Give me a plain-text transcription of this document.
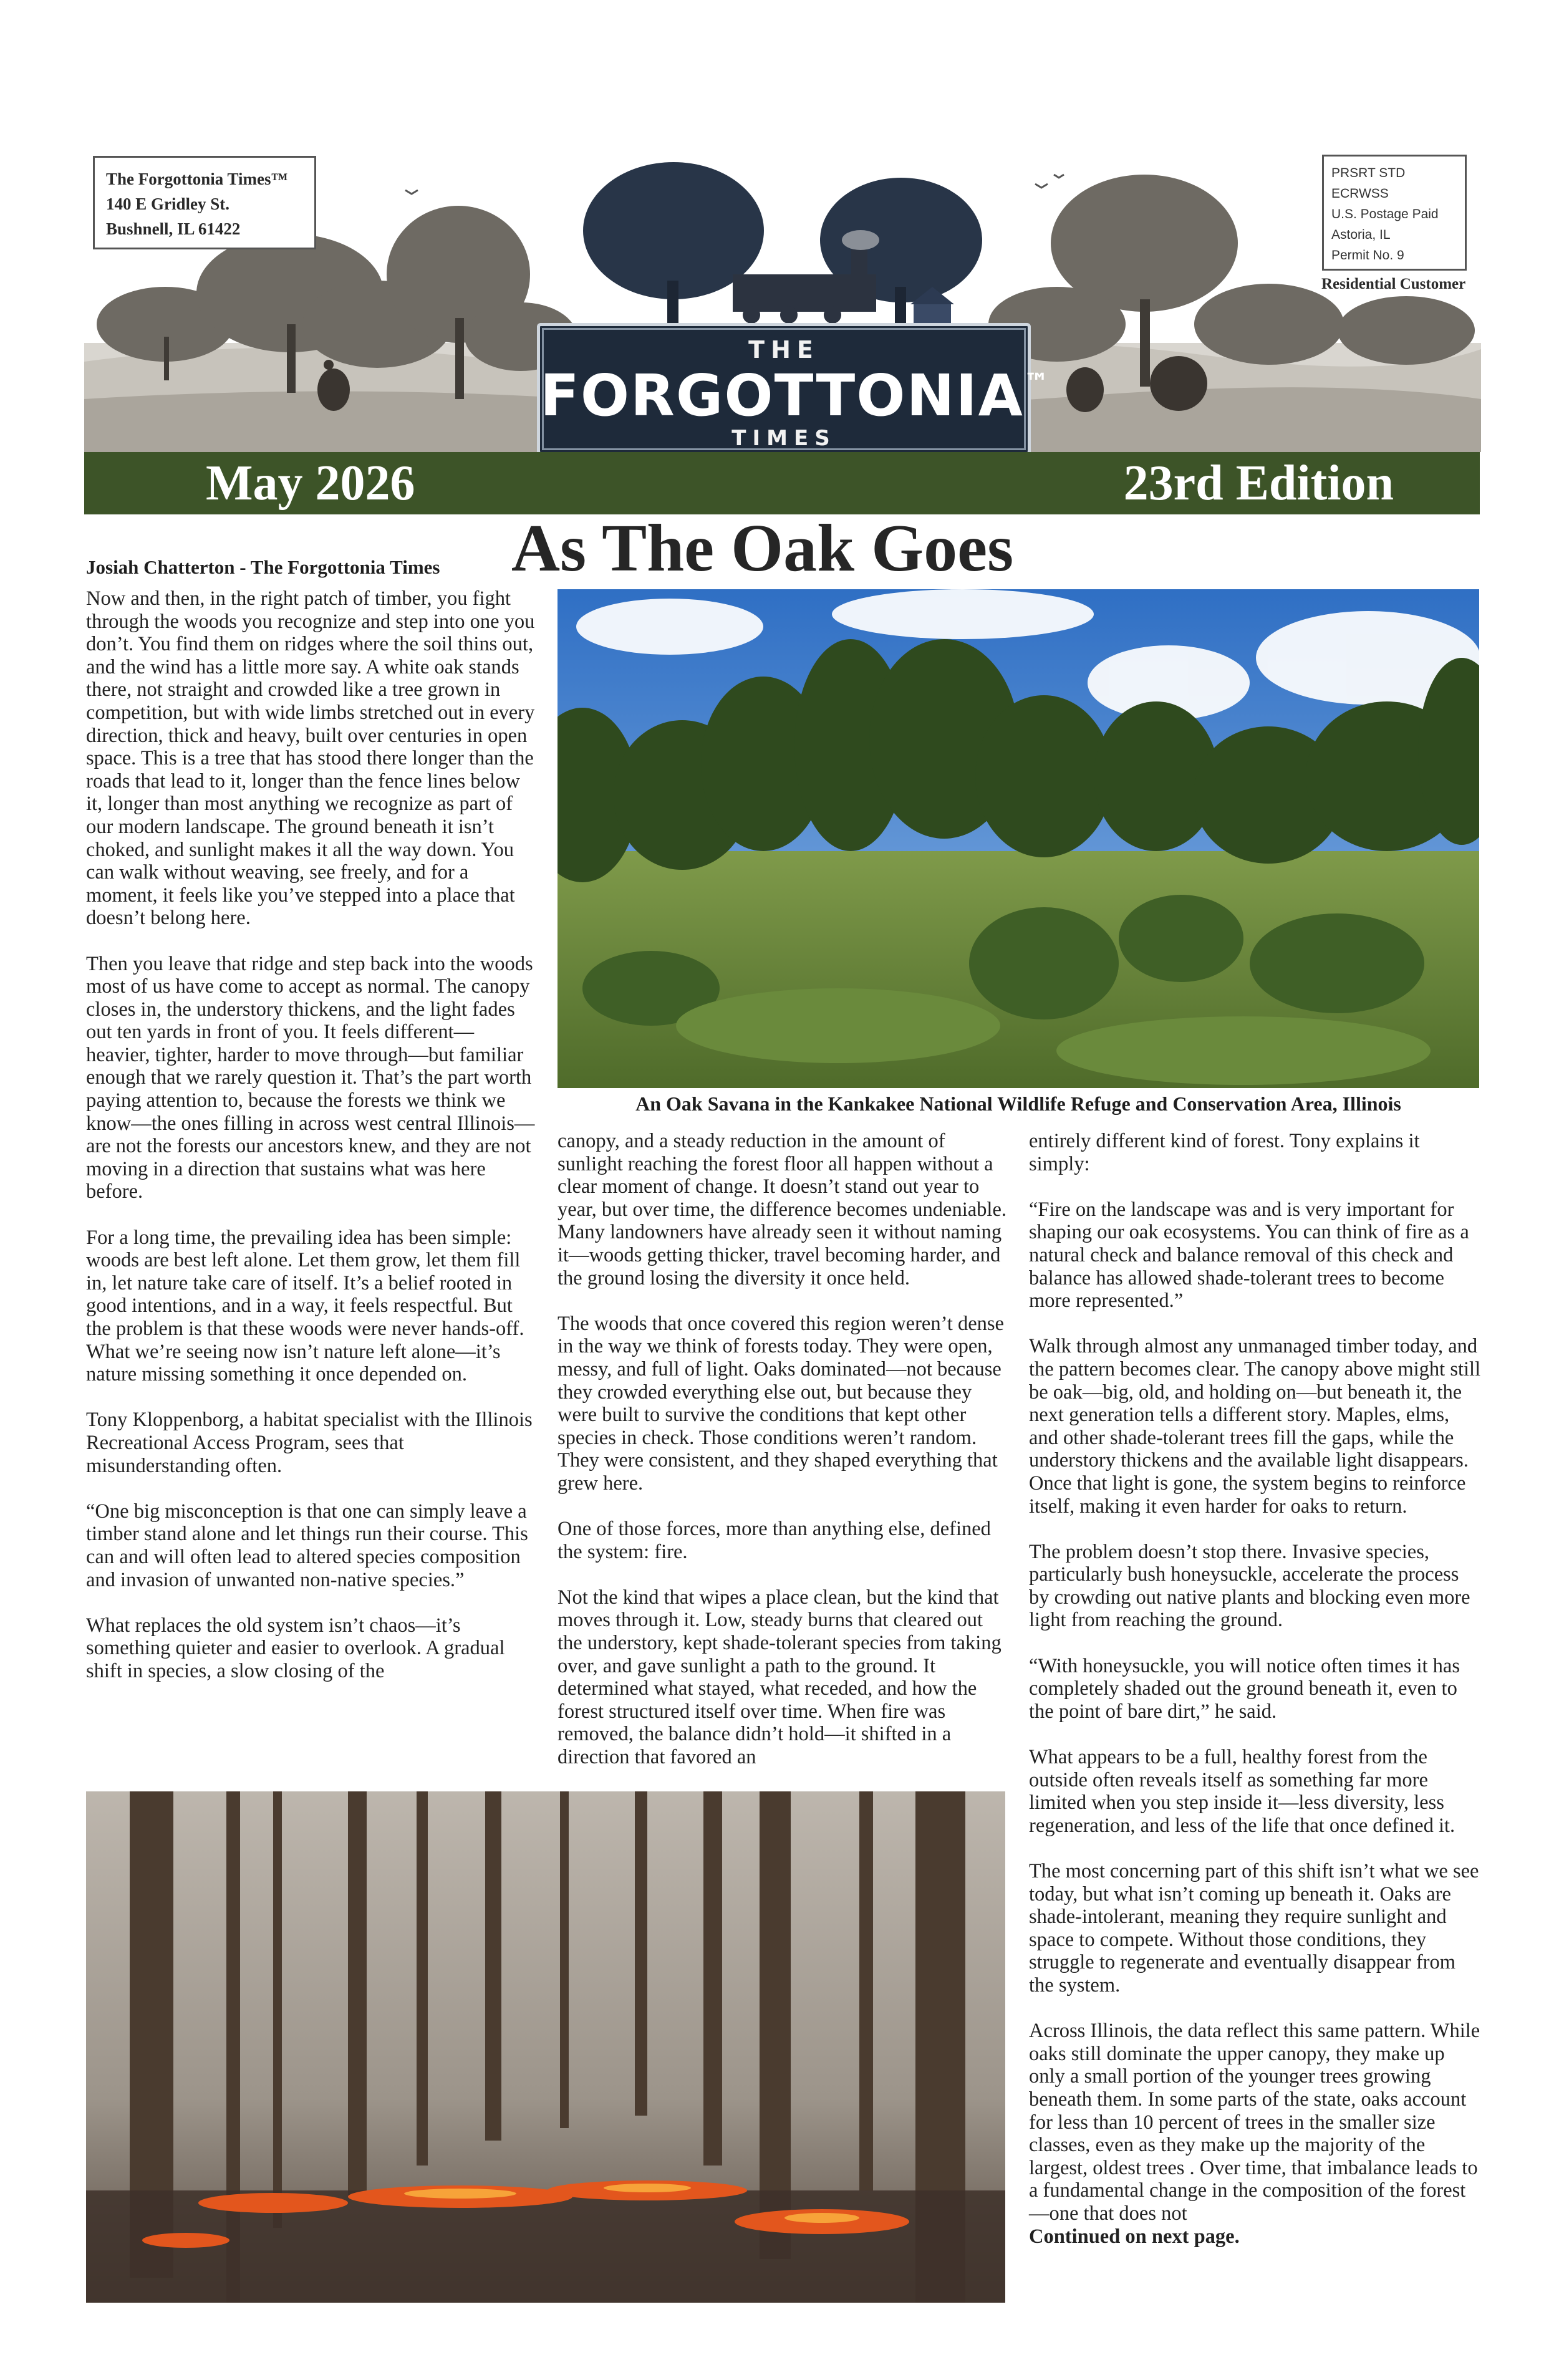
The Forgottonia Times™
140 E Gridley St.
Bushnell, IL 61422
PRSRT STD
ECRWSS
U.S. Postage Paid
Astoria, IL
Permit No. 9
Residential Customer
THE
FORGOTTONIA™
TIMES
May 2026	23rd Edition
As The Oak Goes
Josiah Chatterton - The Forgottonia Times
An Oak Savana in the Kankakee National Wildlife Refuge and Conservation Area, Illinois

Now and then, in the right patch of timber, you fight through the woods you recognize and step into one you don’t. You find them on ridges where the soil thins out, and the wind has a little more say. A white oak stands there, not straight and crowded like a tree grown in competition, but with wide limbs stretched out in every direction, thick and heavy, built over centuries in open space. This is a tree that has stood there longer than the roads that lead to it, longer than the fence lines below it, longer than most anything we recognize as part of our modern landscape. The ground beneath it isn’t choked, and sunlight makes it all the way down. You can walk without weaving, see freely, and for a moment, it feels like you’ve stepped into a place that doesn’t belong here.

Then you leave that ridge and step back into the woods most of us have come to accept as normal. The canopy closes in, the understory thickens, and the light fades out ten yards in front of you. It feels different—heavier, tighter, harder to move through—but familiar enough that we rarely question it. That’s the part worth paying attention to, because the forests we think we know—the ones filling in across west central Illinois—are not the forests our ancestors knew, and they are not moving in a direction that sustains what was here before.

For a long time, the prevailing idea has been simple: woods are best left alone. Let them grow, let them fill in, let nature take care of itself. It’s a belief rooted in good intentions, and in a way, it feels respectful. But the problem is that these woods were never hands-off. What we’re seeing now isn’t nature left alone—it’s nature missing something it once depended on.

Tony Kloppenborg, a habitat specialist with the Illinois Recreational Access Program, sees that misunderstanding often.

“One big misconception is that one can simply leave a timber stand alone and let things run their course. This can and will often lead to altered species composition and invasion of unwanted non-native species.”

What replaces the old system isn’t chaos—it’s something quieter and easier to overlook. A gradual shift in species, a slow closing of the

canopy, and a steady reduction in the amount of sunlight reaching the forest floor all happen without a clear moment of change. It doesn’t stand out year to year, but over time, the difference becomes undeniable. Many landowners have already seen it without naming it—woods getting thicker, travel becoming harder, and the ground losing the diversity it once held.

The woods that once covered this region weren’t dense in the way we think of forests today. They were open, messy, and full of light. Oaks dominated—not because they crowded everything else out, but because they were built to survive the conditions that kept other species in check. Those conditions weren’t random. They were consistent, and they shaped everything that grew here.

One of those forces, more than anything else, defined the system: fire.

Not the kind that wipes a place clean, but the kind that moves through it. Low, steady burns that cleared out the understory, kept shade-tolerant species from taking over, and gave sunlight a path to the ground. It determined what stayed, what receded, and how the forest structured itself over time. When fire was removed, the balance didn’t hold—it shifted in a direction that favored an

entirely different kind of forest. Tony explains it simply:

“Fire on the landscape was and is very important for shaping our oak ecosystems. You can think of fire as a natural check and balance removal of this check and balance has allowed shade-tolerant trees to become more represented.”

Walk through almost any unmanaged timber today, and the pattern becomes clear. The canopy above might still be oak—big, old, and holding on—but beneath it, the next generation tells a different story. Maples, elms, and other shade-tolerant trees fill the gaps, while the understory thickens and the available light disappears. Once that light is gone, the system begins to reinforce itself, making it even harder for oaks to return.

The problem doesn’t stop there. Invasive species, particularly bush honeysuckle, accelerate the process by crowding out native plants and blocking even more light from reaching the ground.

“With honeysuckle, you will notice often times it has completely shaded out the ground beneath it, even to the point of bare dirt,” he said.

What appears to be a full, healthy forest from the outside often reveals itself as something far more limited when you step inside it—less diversity, less regeneration, and less of the life that once defined it.

The most concerning part of this shift isn’t what we see today, but what isn’t coming up beneath it. Oaks are shade-intolerant, meaning they require sunlight and space to compete. Without those conditions, they struggle to regenerate and eventually disappear from the system.

Across Illinois, the data reflect this same pattern. While oaks still dominate the upper canopy, they make up only a small portion of the younger trees growing beneath them. In some parts of the state, oaks account for less than 10 percent of trees in the smaller size classes, even as they make up the majority of the largest, oldest trees . Over time, that imbalance leads to a fundamental change in the composition of the forest—one that does not

Continued on next page.
